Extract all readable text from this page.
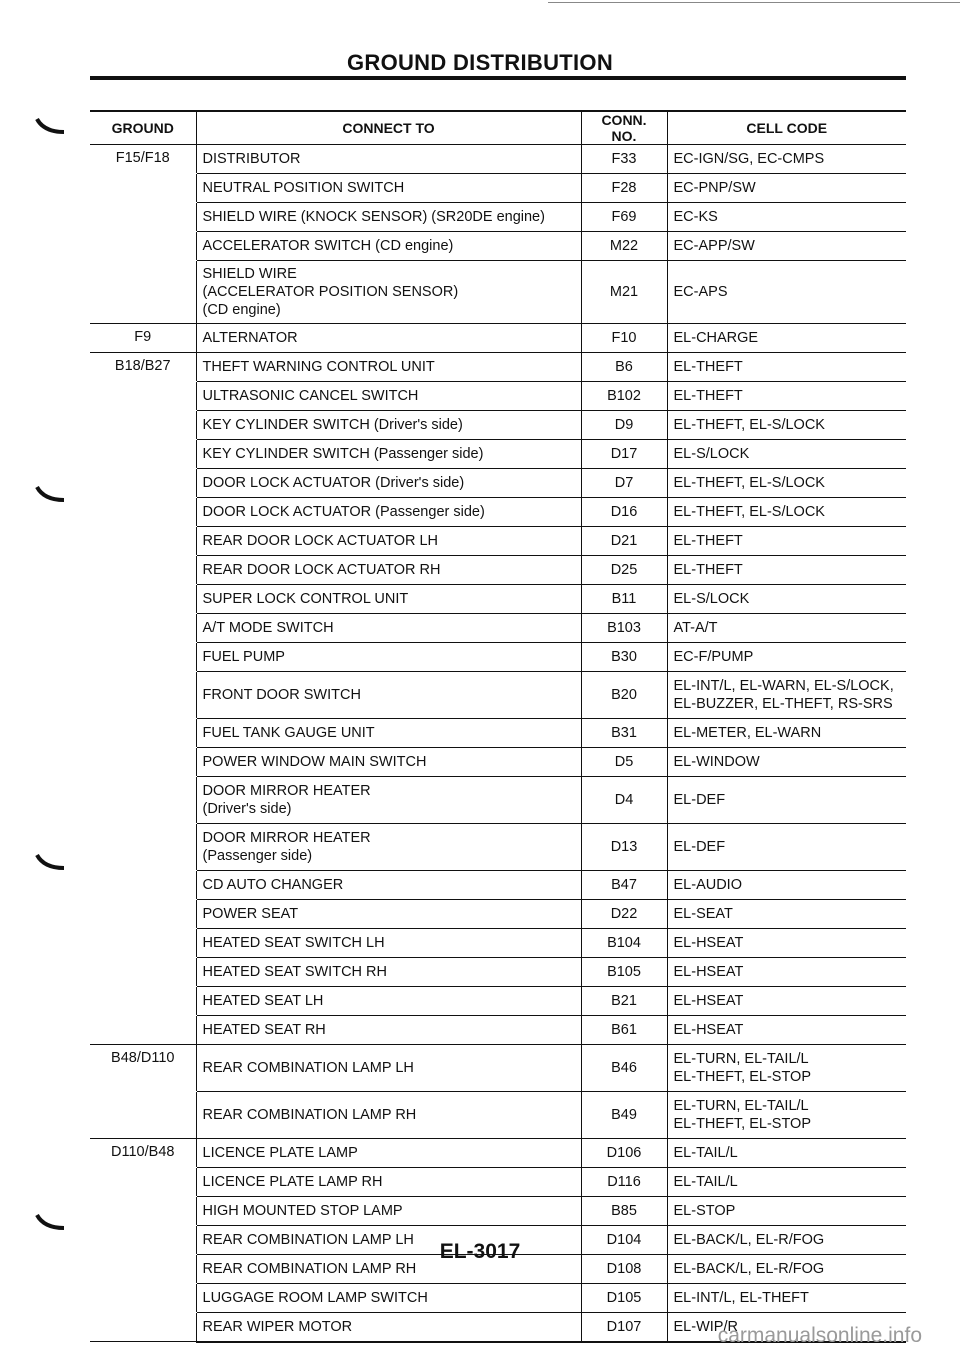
GROUND DISTRIBUTION
GROUND	CONNECT TO	CONN. NO.	CELL CODE
F15/F18	DISTRIBUTOR	F33	EC-IGN/SG, EC-CMPS
	NEUTRAL POSITION SWITCH	F28	EC-PNP/SW
	SHIELD WIRE (KNOCK SENSOR) (SR20DE engine)	F69	EC-KS
	ACCELERATOR SWITCH (CD engine)	M22	EC-APP/SW
	SHIELD WIRE
(ACCELERATOR POSITION SENSOR)
(CD engine)	M21	EC-APS
F9	ALTERNATOR	F10	EL-CHARGE
B18/B27	THEFT WARNING CONTROL UNIT	B6	EL-THEFT
	ULTRASONIC CANCEL SWITCH	B102	EL-THEFT
	KEY CYLINDER SWITCH (Driver's side)	D9	EL-THEFT, EL-S/LOCK
	KEY CYLINDER SWITCH (Passenger side)	D17	EL-S/LOCK
	DOOR LOCK ACTUATOR (Driver's side)	D7	EL-THEFT, EL-S/LOCK
	DOOR LOCK ACTUATOR (Passenger side)	D16	EL-THEFT, EL-S/LOCK
	REAR DOOR LOCK ACTUATOR LH	D21	EL-THEFT
	REAR DOOR LOCK ACTUATOR RH	D25	EL-THEFT
	SUPER LOCK CONTROL UNIT	B11	EL-S/LOCK
	A/T MODE SWITCH	B103	AT-A/T
	FUEL PUMP	B30	EC-F/PUMP
	FRONT DOOR SWITCH	B20	EL-INT/L, EL-WARN, EL-S/LOCK,
EL-BUZZER, EL-THEFT, RS-SRS
	FUEL TANK GAUGE UNIT	B31	EL-METER, EL-WARN
	POWER WINDOW MAIN SWITCH	D5	EL-WINDOW
	DOOR MIRROR HEATER
(Driver's side)	D4	EL-DEF
	DOOR MIRROR HEATER
(Passenger side)	D13	EL-DEF
	CD AUTO CHANGER	B47	EL-AUDIO
	POWER SEAT	D22	EL-SEAT
	HEATED SEAT SWITCH LH	B104	EL-HSEAT
	HEATED SEAT SWITCH RH	B105	EL-HSEAT
	HEATED SEAT LH	B21	EL-HSEAT
	HEATED SEAT RH	B61	EL-HSEAT
B48/D110	REAR COMBINATION LAMP LH	B46	EL-TURN, EL-TAIL/L
EL-THEFT, EL-STOP
	REAR COMBINATION LAMP RH	B49	EL-TURN, EL-TAIL/L
EL-THEFT, EL-STOP
D110/B48	LICENCE PLATE LAMP	D106	EL-TAIL/L
	LICENCE PLATE LAMP RH	D116	EL-TAIL/L
	HIGH MOUNTED STOP LAMP	B85	EL-STOP
	REAR COMBINATION LAMP LH	D104	EL-BACK/L, EL-R/FOG
	REAR COMBINATION LAMP RH	D108	EL-BACK/L, EL-R/FOG
	LUGGAGE ROOM LAMP SWITCH	D105	EL-INT/L, EL-THEFT
	REAR WIPER MOTOR	D107	EL-WIP/R
EL-3017
carmanualsonline.info
